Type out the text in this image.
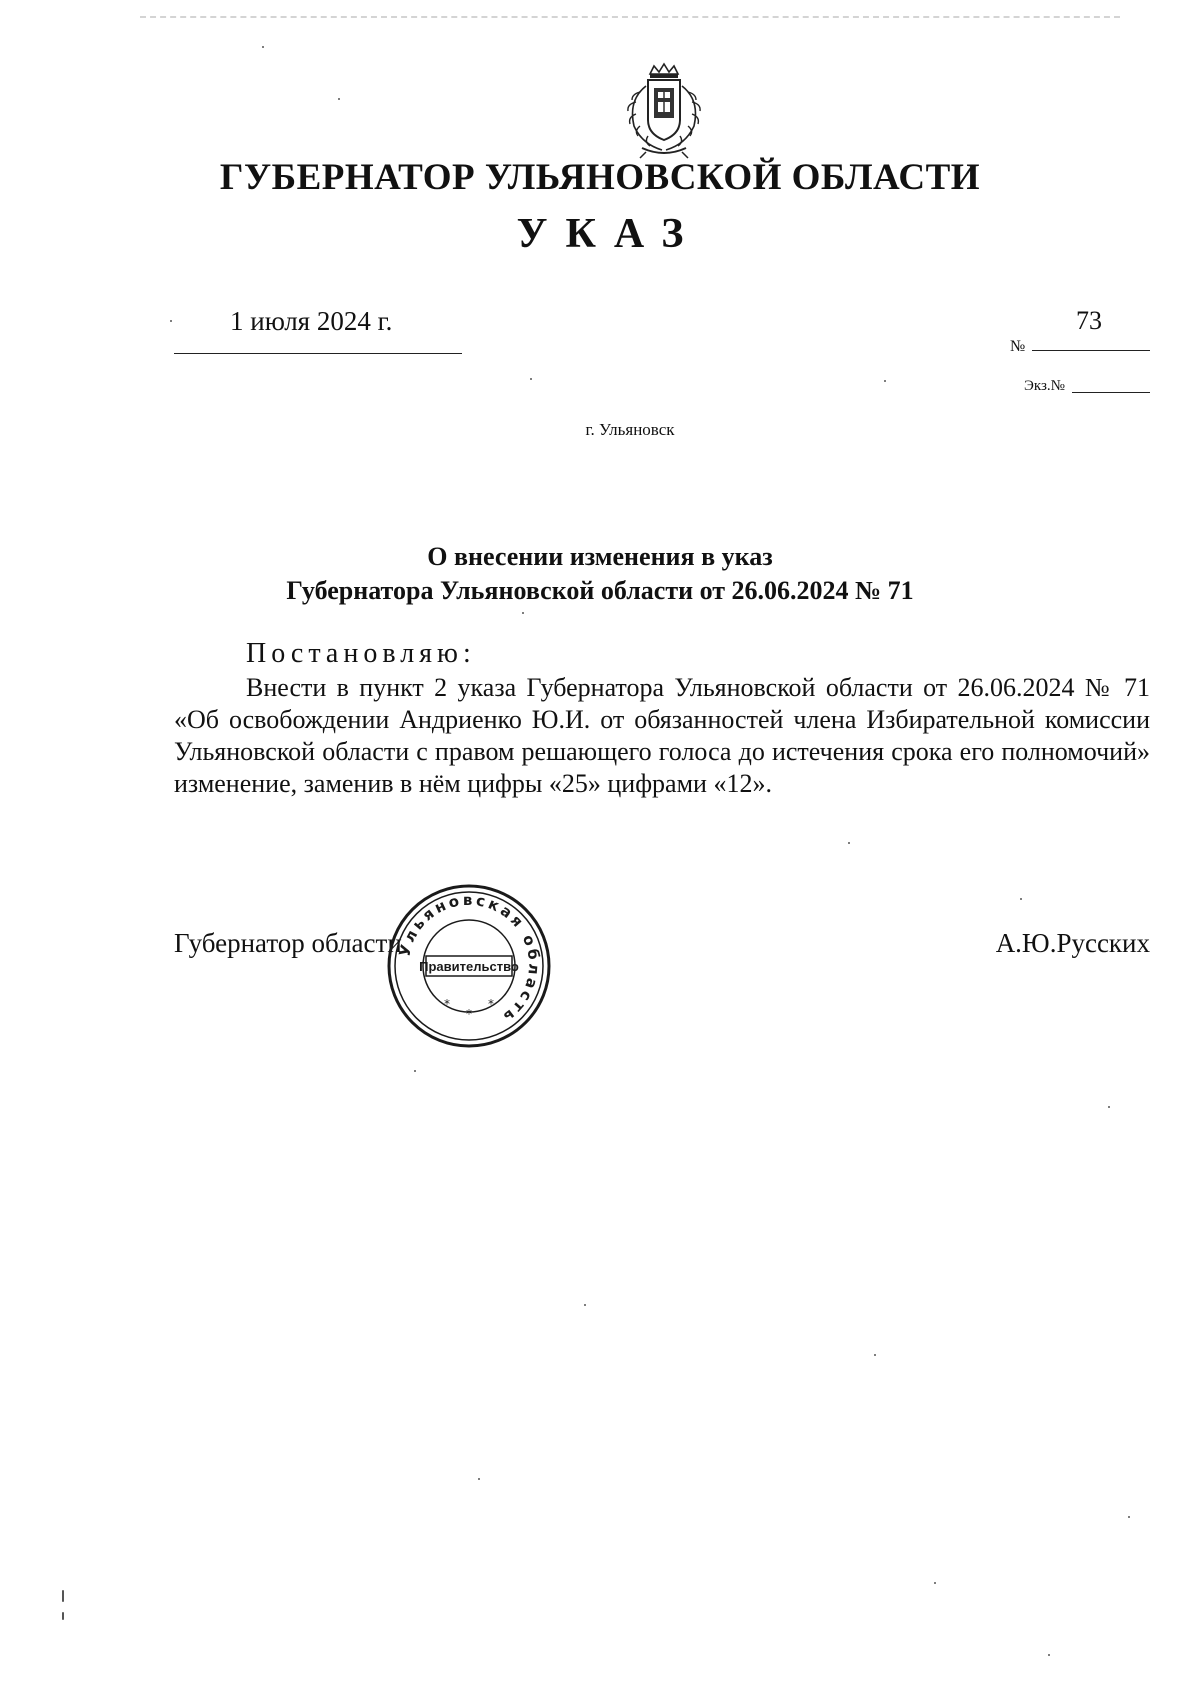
ГУБЕРНАТОР УЛЬЯНОВСКОЙ ОБЛАСТИ
УКАЗ
1 июля 2024 г.
№
73
Экз.№
г. Ульяновск
О внесении изменения в указ
Губернатора Ульяновской области от 26.06.2024 № 71
Постановляю:

Внести в пункт 2 указа Губернатора Ульяновской области от 26.06.2024 № 71 «Об освобождении Андриенко Ю.И. от обязанностей члена Избирательной комиссии Ульяновской области с правом решающего голоса до истечения срока его полномочий» изменение, заменив в нём цифры «25» цифрами «12».

Губернатор области	А.Ю.Русских
Ульяновская область
Правительство
*
*
*
